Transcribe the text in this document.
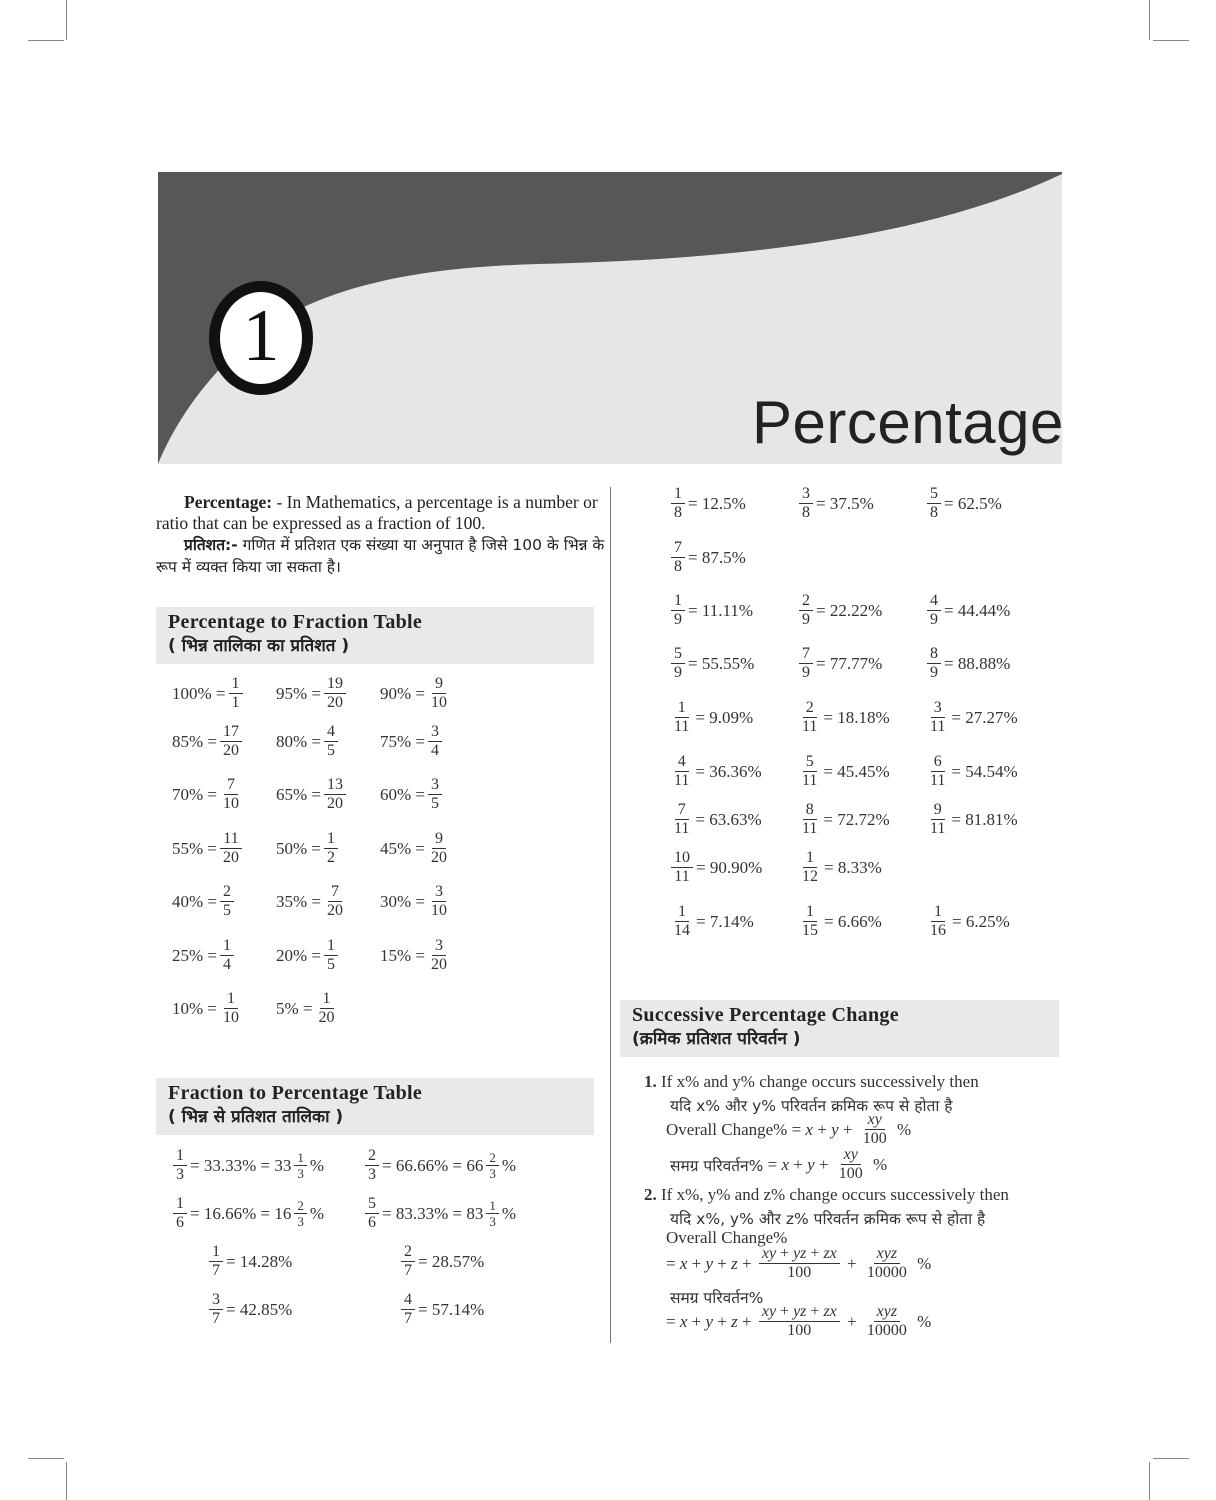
1
Percentage

Percentage: - In Mathematics, a percentage is a number or ratio that can be expressed as a fraction of 100.

प्रतिशत:- गणित में प्रतिशत एक संख्या या अनुपात है जिसे 100 के भिन्न के रूप में व्यक्त किया जा सकता है।

Percentage to Fraction Table
( भिन्न तालिका का प्रतिशत )
Fraction to Percentage Table
( भिन्न से प्रतिशत तालिका )
Successive Percentage Change
(क्रमिक प्रतिशत परिवर्तन )
$100\% = \frac{1}{1} 95\% = \frac{19}{20} 90\% = \frac{9}{10}$
$85\% = \frac{17}{20} 80\% = \frac{4}{5} 75\% = \frac{3}{4}$
$70\% = \frac{7}{10} 65\% = \frac{13}{20} 60\% = \frac{3}{5}$
$55\% = \frac{11}{20} 50\% = \frac{1}{2} 45\% = \frac{9}{20}$
$40\% = \frac{2}{5} 35\% = \frac{7}{20} 30\% = \frac{3}{10}$
$25\% = \frac{1}{4} 20\% = \frac{1}{5} 15\% = \frac{3}{20}$
$10\% = \frac{1}{10} 5\% = \frac{1}{20}$
$\frac{1}{3} = 33.33\% = 33 \frac{1}{3}$ %	$\frac{2}{3} = 66.66\% = 66 \frac{2}{3}$ %
$\frac{1}{6} = 16.66\% = 16 \frac{2}{3}$ %	$\frac{5}{6} = 83.33\% = 83 \frac{1}{3}$ %
$\frac{1}{7} = 14.28\%$	$\frac{2}{7} = 28.57\%$
$\frac{3}{7} = 42.85\%$	$\frac{4}{7} = 57.14\%$
$\frac{1}{8} = 12.5\%$	$\frac{3}{8} = 37.5\%$	$\frac{5}{8} = 62.5\%$
$\frac{7}{8} = 87.5\%$
$\frac{1}{9} = 11.11\%$	$\frac{2}{9} = 22.22\%$	$\frac{4}{9} = 44.44\%$
$\frac{5}{9} = 55.55\%$	$\frac{7}{9} = 77.77\%$	$\frac{8}{9} = 88.88\%$
$\frac{1}{11} = 9.09\%$	$\frac{2}{11} = 18.18\% \frac{3}{11} = 27.27\%$
$\frac{4}{11} = 36.36\% \frac{5}{11} = 45.45\% \frac{6}{11} = 54.54\%$
$\frac{7}{11} = 63.63\% \frac{8}{11} = 72.72\% \frac{9}{11} = 81.81\%$
$\frac{10}{11} = 90.90\% \frac{1}{12} = 8.33\%$
$\frac{1}{14} = 7.14\%$	$\frac{1}{15} = 6.66\%$	$\frac{1}{16} = 6.25\%$
1. If x% and y% change occurs successively then
यदि x% और y% परिवर्तन क्रमिक रूप से होता है
Overall Change% = $x + y + \frac{xy}{100}$ %
समग्र परिवर्तन% = $x + y + \frac{xy}{100}$ %
2. If x%, y% and z% change occurs successively then
यदि x%, y% और z% परिवर्तन क्रमिक रूप से होता है
Overall Change%
= $x + y + z + \frac{xy + yz + zx}{100} + \frac{\text{xyz}}{10000}$ %
समग्र परिवर्तन%
= $x + y + z + \frac{xy + yz + zx}{100} + \frac{\text{xyz}}{10000}$ %
